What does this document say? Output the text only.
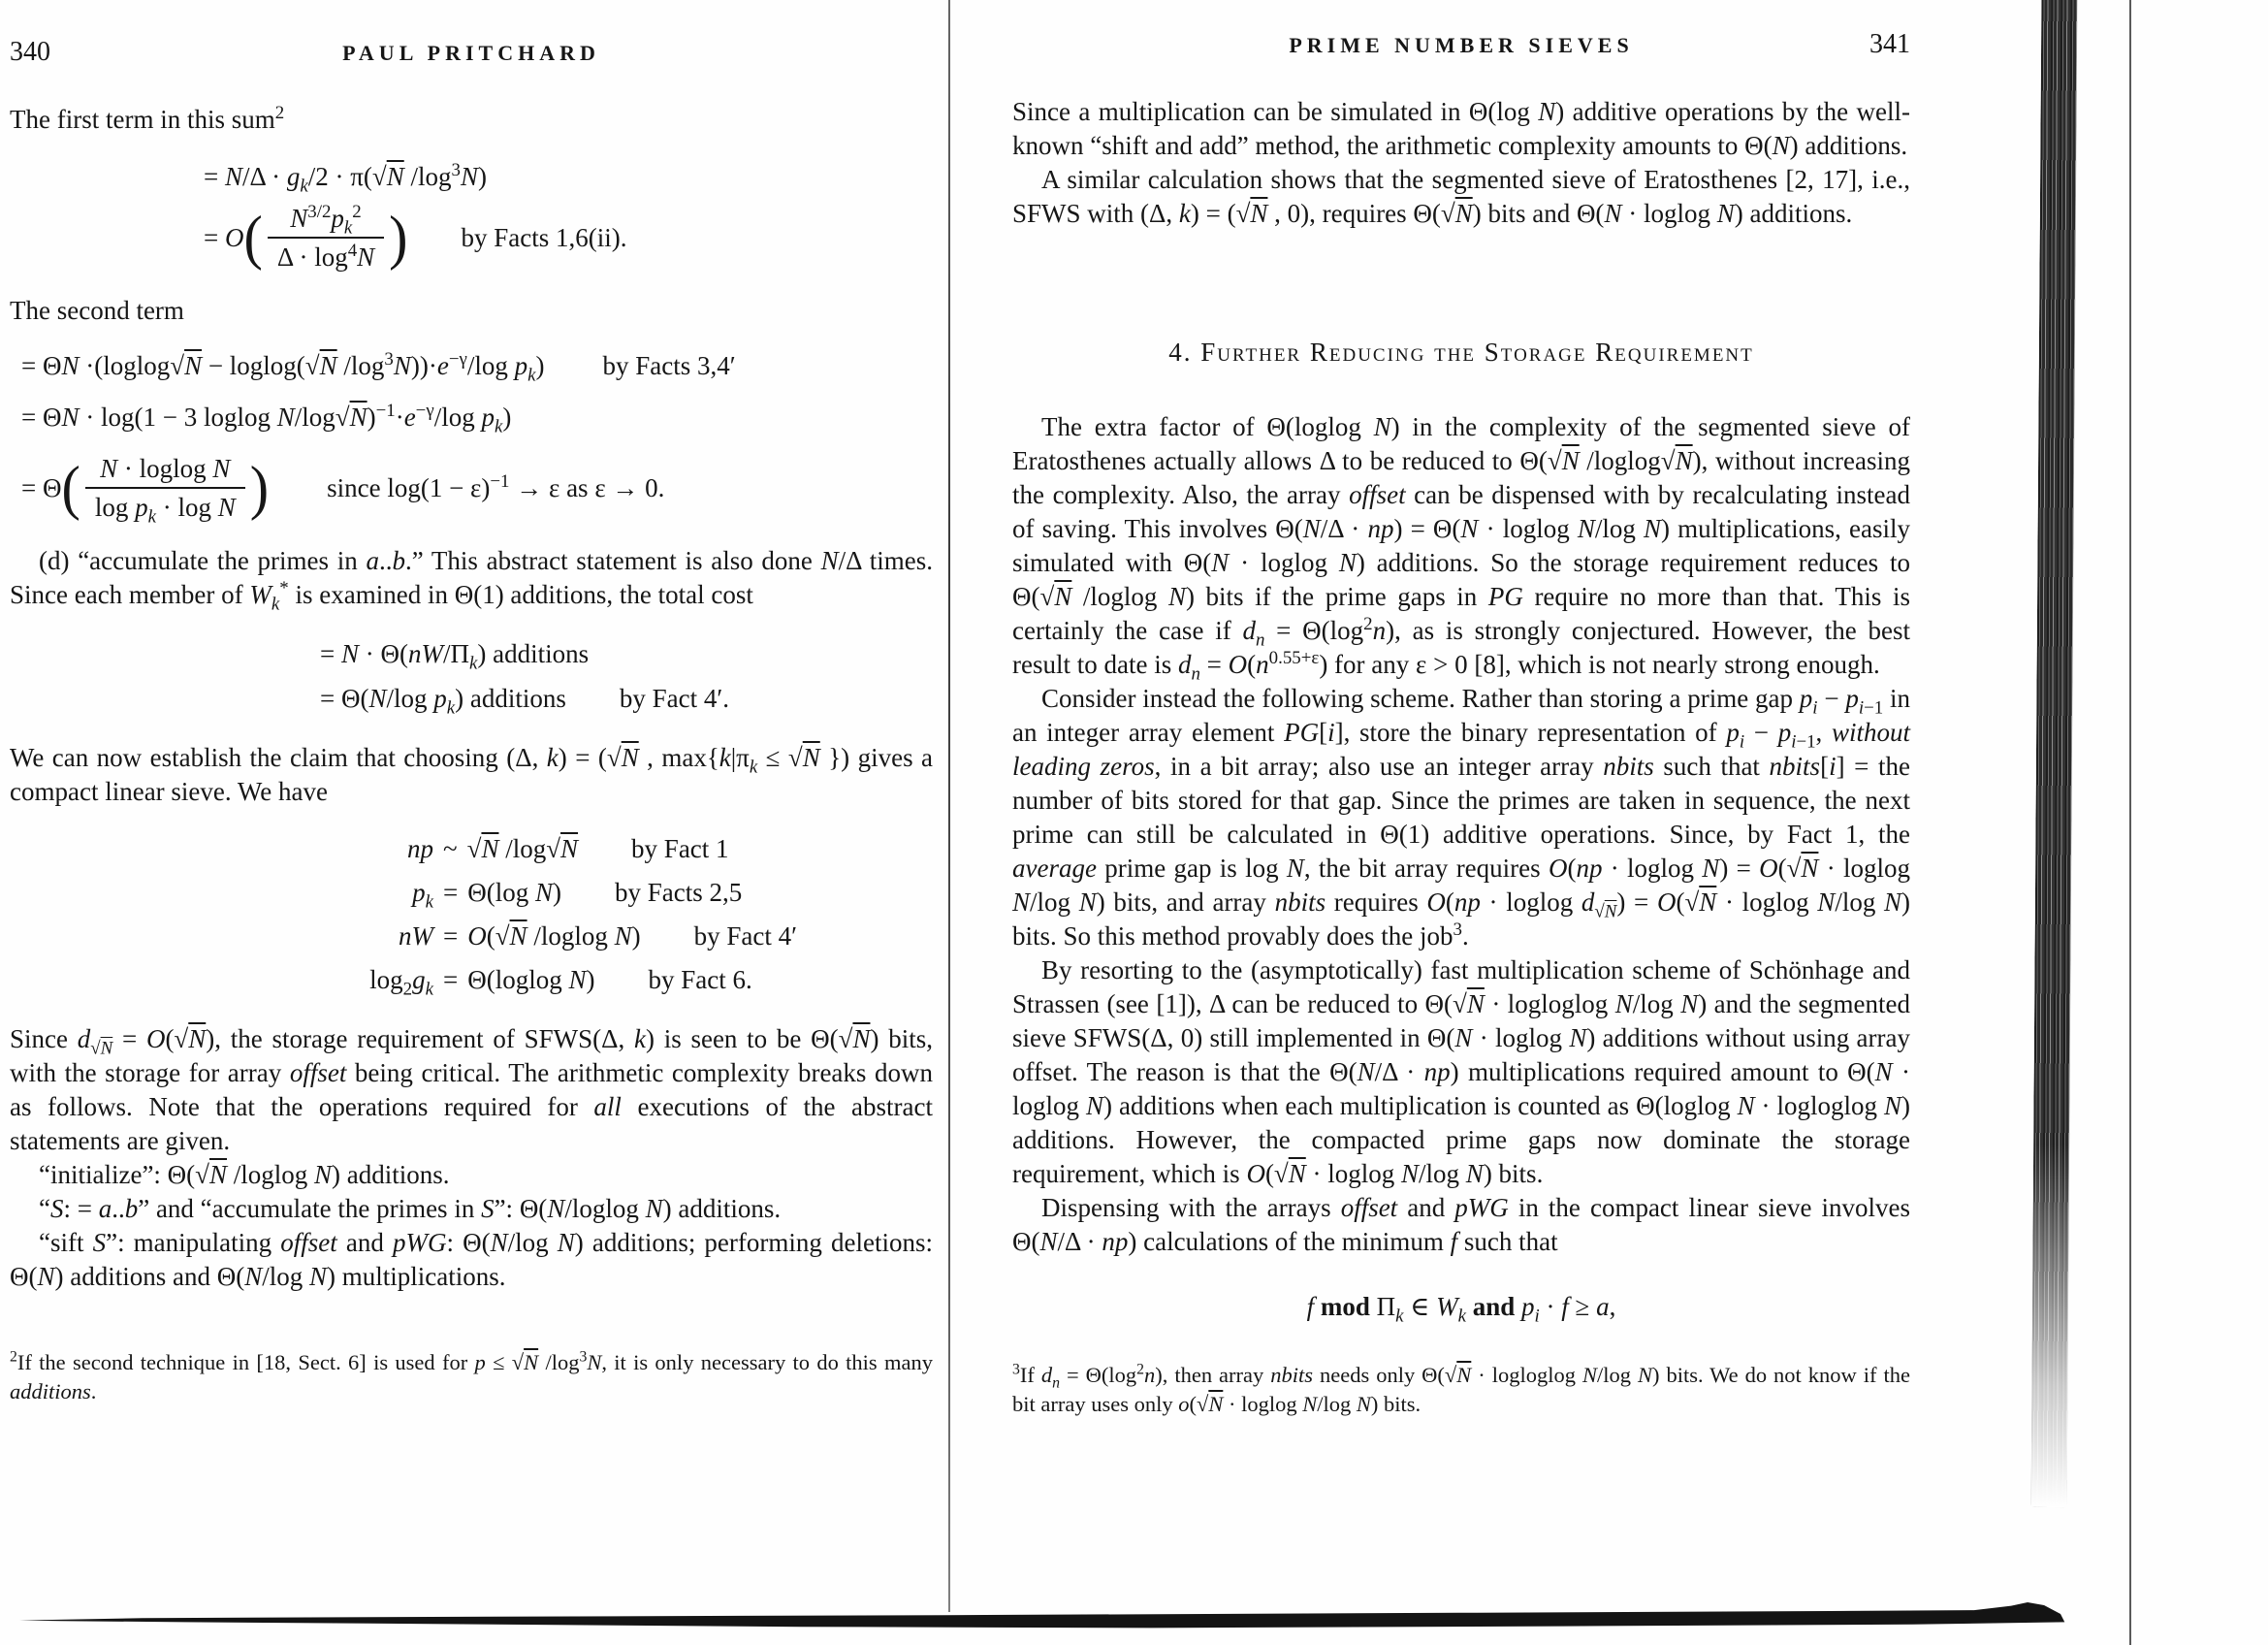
340	PAUL PRITCHARD

The first term in this sum$^2$

= $N/\Delta \cdot g_k/2 \cdot \pi(√N$ $/\log^3N$)
= O ( $\frac{N^{3/2}p_k^2}{\Delta \cdot \log^4N}$ ) by Facts 1,6(ii).

The second term

= ΘN ·(loglog√N − loglog(√N $/\log^3N))\cdot e^{-\gamma}/\log$ $p_k$) by Facts 3,4′
= ΘN · log(1 − 3 loglog $N/\log√N)^{-1}\cdot e^{-\gamma}/\log$ $p_k$)
= Θ ( $\frac{\text{N · loglog N}}{\log p_k \cdot \log N}$ ) since $\log(1 - \varepsilon)^{-1} \to \varepsilon$ as ε → 0.

(d) “accumulate the primes in a..b.” This abstract statement is also done N/Δ times. Since each member of $W_k^*$ is examined in Θ(1) additions, the total cost

= $N \cdot \Theta(nW/\Pi_k)$ additions
= Θ(N/log $p_k$) additions by Fact 4′.

We can now establish the claim that choosing (Δ, k) = (√N , $\max\{k|\pi_k \le √N$ }) gives a compact linear sieve. We have

np ~ √N /log√N by Fact 1
$p_k = \Theta(\log$ N) by Facts 2,5
nW = O(√N /loglog N) by Fact 4′
$\log_2g_k = \Theta(loglog$ N) by Fact 6.

Since $d_{√N} = O(√N)$, the storage requirement of SFWS(Δ, k) is seen to be Θ(√N) bits, with the storage for array offset being critical. The arithmetic complexity breaks down as follows. Note that the operations required for all executions of the abstract statements are given.

“initialize”: Θ(√N /loglog N) additions.

“S: = a..b” and “accumulate the primes in S”: Θ(N/loglog N) additions.

“sift S”: manipulating offset and pWG: Θ(N/log N) additions; performing deletions: Θ(N) additions and Θ(N/log N) multiplications.

$^2$If the second technique in [18, Sect. 6] is used for p ≤ √N $/\log^3N$, it is only necessary to do this many additions.

PRIME NUMBER SIEVES	341

Since a multiplication can be simulated in Θ(log N) additive operations by the well-known “shift and add” method, the arithmetic complexity amounts to Θ(N) additions.

A similar calculation shows that the segmented sieve of Eratosthenes [2, 17], i.e., SFWS with (Δ, k) = (√N , 0), requires Θ(√N) bits and Θ(N · loglog N) additions.

4. Further Reducing the Storage Requirement

The extra factor of Θ(loglog N) in the complexity of the segmented sieve of Eratosthenes actually allows Δ to be reduced to Θ(√N /loglog√N), without increasing the complexity. Also, the array offset can be dispensed with by recalculating instead of saving. This involves Θ(N/Δ · np) = Θ(N · loglog N/log N) multiplications, easily simulated with Θ(N · loglog N) additions. So the storage requirement reduces to Θ(√N /loglog N) bits if the prime gaps in PG require no more than that. This is certainly the case if $d_n = \Theta(\log^2n)$, as is strongly conjectured. However, the best result to date is $d_n = O(n^{0.55+\varepsilon})$ for any ε > 0 [8], which is not nearly strong enough.

Consider instead the following scheme. Rather than storing a prime gap $p_i - p_{i-1}$ in an integer array element PG[i], store the binary representation of $p_i - p_{i-1}$, without leading zeros, in a bit array; also use an integer array nbits such that nbits[i] = the number of bits stored for that gap. Since the primes are taken in sequence, the next prime can still be calculated in Θ(1) additive operations. Since, by Fact 1, the average prime gap is log N, the bit array requires O(np · loglog N) = O(√N · loglog N/log N) bits, and array nbits requires O(np · loglog $d_{√N}) = O(√N \cdot loglog$ N/log N) bits. So this method provably does the job$^3$.

By resorting to the (asymptotically) fast multiplication scheme of Schönhage and Strassen (see [1]), Δ can be reduced to Θ(√N · logloglog N/log N) and the segmented sieve SFWS(Δ, 0) still implemented in Θ(N · loglog N) additions without using array offset. The reason is that the Θ(N/Δ · np) multiplications required amount to Θ(N · loglog N) additions when each multiplication is counted as Θ(loglog N · logloglog N) additions. However, the compacted prime gaps now dominate the storage requirement, which is O(√N · loglog N/log N) bits.

Dispensing with the arrays offset and pWG in the compact linear sieve involves Θ(N/Δ · np) calculations of the minimum f such that

f mod $\Pi_k$ ∈ $W_k$ and $p_i \cdot f \ge a$,

$^3$If $d_n = \Theta(\log^2n)$, then array nbits needs only Θ(√N · logloglog N/log N) bits. We do not know if the bit array uses only o(√N · loglog N/log N) bits.
